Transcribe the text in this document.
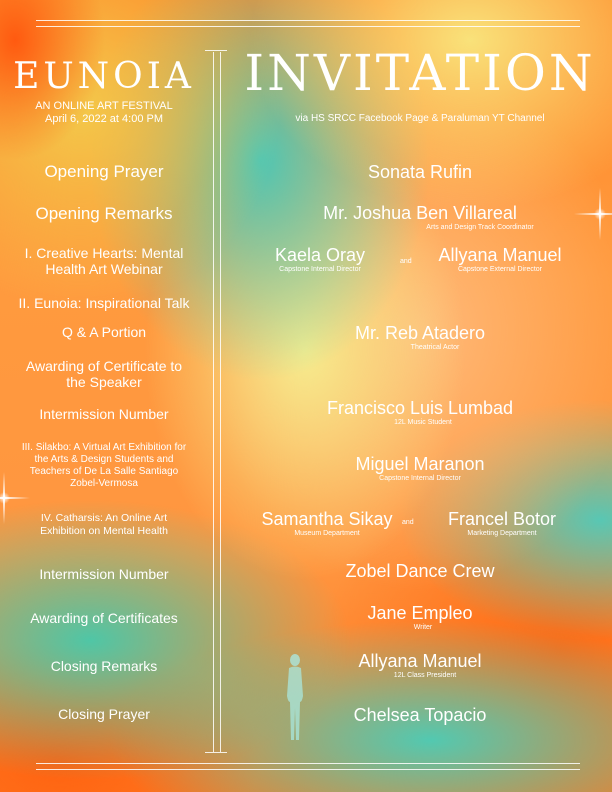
EUNOIA
AN ONLINE ART FESTIVAL
April 6, 2022 at 4:00 PM
INVITATION
via HS SRCC Facebook Page & Paraluman YT Channel
Opening Prayer
Opening Remarks
I. Creative Hearts: Mental Health Art Webinar
II. Eunoia: Inspirational Talk
Q & A Portion
Awarding of Certificate to the Speaker
Intermission Number
III. Silakbo: A Virtual Art Exhibition for the Arts & Design Students and Teachers of De La Salle Santiago Zobel-Vermosa
IV. Catharsis: An Online Art Exhibition on Mental Health
Intermission Number
Awarding of Certificates
Closing Remarks
Closing Prayer
Sonata Rufin
Mr. Joshua Ben Villareal
Arts and Design Track Coordinator
Kaela Oray
Capstone Internal Director
and	Allyana Manuel
Capstone External Director
Mr. Reb Atadero
Theatrical Actor
Francisco Luis Lumbad
12L Music Student
Miguel Maranon
Capstone Internal Director
Samantha Sikay
Museum Department
and	Francel Botor
Marketing Department
Zobel Dance Crew
Jane Empleo
Writer
Allyana Manuel
12L Class President
Chelsea Topacio
